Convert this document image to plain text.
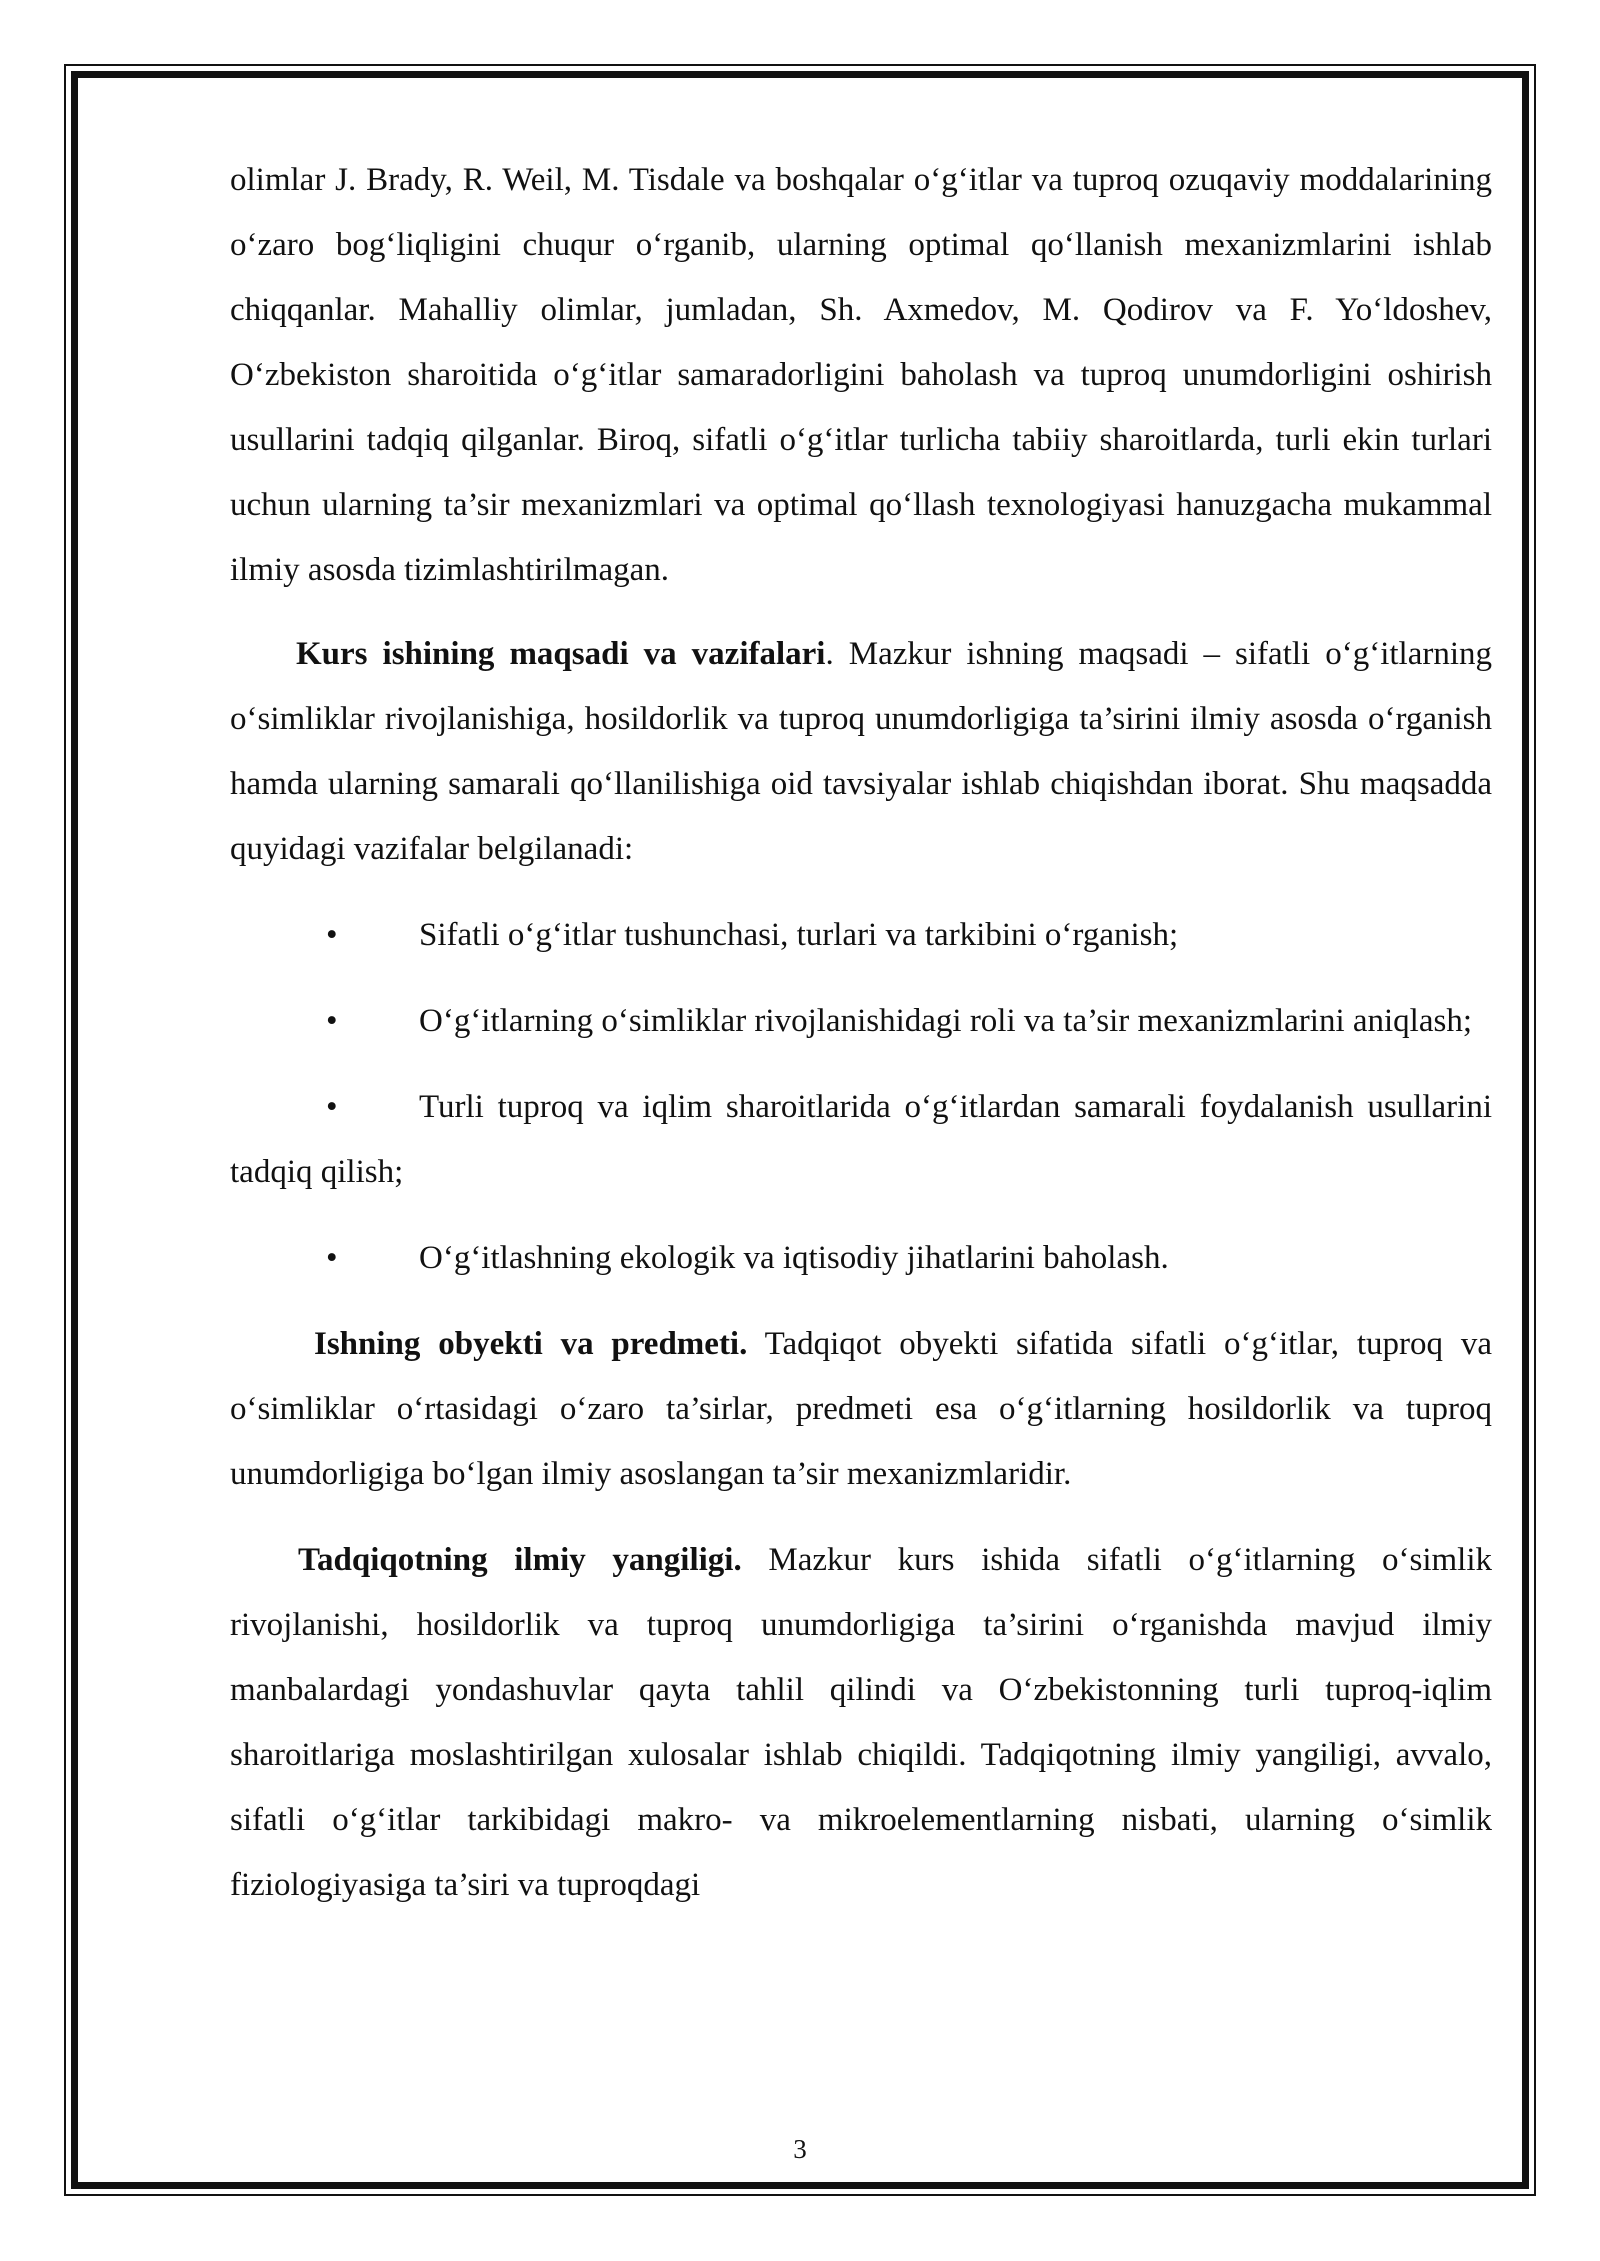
olimlar J. Brady, R. Weil, M. Tisdale va boshqalar o‘g‘itlar va tuproq ozuqaviy moddalarining o‘zaro bog‘liqligini chuqur o‘rganib, ularning optimal qo‘llanish mexanizmlarini ishlab chiqqanlar. Mahalliy olimlar, jumladan, Sh. Axmedov, M. Qodirov va F. Yo‘ldoshev, O‘zbekiston sharoitida o‘g‘itlar samaradorligini baholash va tuproq unumdorligini oshirish usullarini tadqiq qilganlar. Biroq, sifatli o‘g‘itlar turlicha tabiiy sharoitlarda, turli ekin turlari uchun ularning ta’sir mexanizmlari va optimal qo‘llash texnologiyasi hanuzgacha mukammal ilmiy asosda tizimlashtirilmagan.

Kurs ishining maqsadi va vazifalari. Mazkur ishning maqsadi – sifatli o‘g‘itlarning o‘simliklar rivojlanishiga, hosildorlik va tuproq unumdorligiga ta’sirini ilmiy asosda o‘rganish hamda ularning samarali qo‘llanilishiga oid tavsiyalar ishlab chiqishdan iborat. Shu maqsadda quyidagi vazifalar belgilanadi:

• Sifatli o‘g‘itlar tushunchasi, turlari va tarkibini o‘rganish;

• O‘g‘itlarning o‘simliklar rivojlanishidagi roli va ta’sir mexanizmlarini aniqlash;

• Turli tuproq va iqlim sharoitlarida o‘g‘itlardan samarali foydalanish usullarini tadqiq qilish;

• O‘g‘itlashning ekologik va iqtisodiy jihatlarini baholash.

Ishning obyekti va predmeti. Tadqiqot obyekti sifatida sifatli o‘g‘itlar, tuproq va o‘simliklar o‘rtasidagi o‘zaro ta’sirlar, predmeti esa o‘g‘itlarning hosildorlik va tuproq unumdorligiga bo‘lgan ilmiy asoslangan ta’sir mexanizmlaridir.

Tadqiqotning ilmiy yangiligi. Mazkur kurs ishida sifatli o‘g‘itlarning o‘simlik rivojlanishi, hosildorlik va tuproq unumdorligiga ta’sirini o‘rganishda mavjud ilmiy manbalardagi yondashuvlar qayta tahlil qilindi va O‘zbekistonning turli tuproq-iqlim sharoitlariga moslashtirilgan xulosalar ishlab chiqildi. Tadqiqotning ilmiy yangiligi, avvalo, sifatli o‘g‘itlar tarkibidagi makro- va mikroelementlarning nisbati, ularning o‘simlik fiziologiyasiga ta’siri va tuproqdagi

3
